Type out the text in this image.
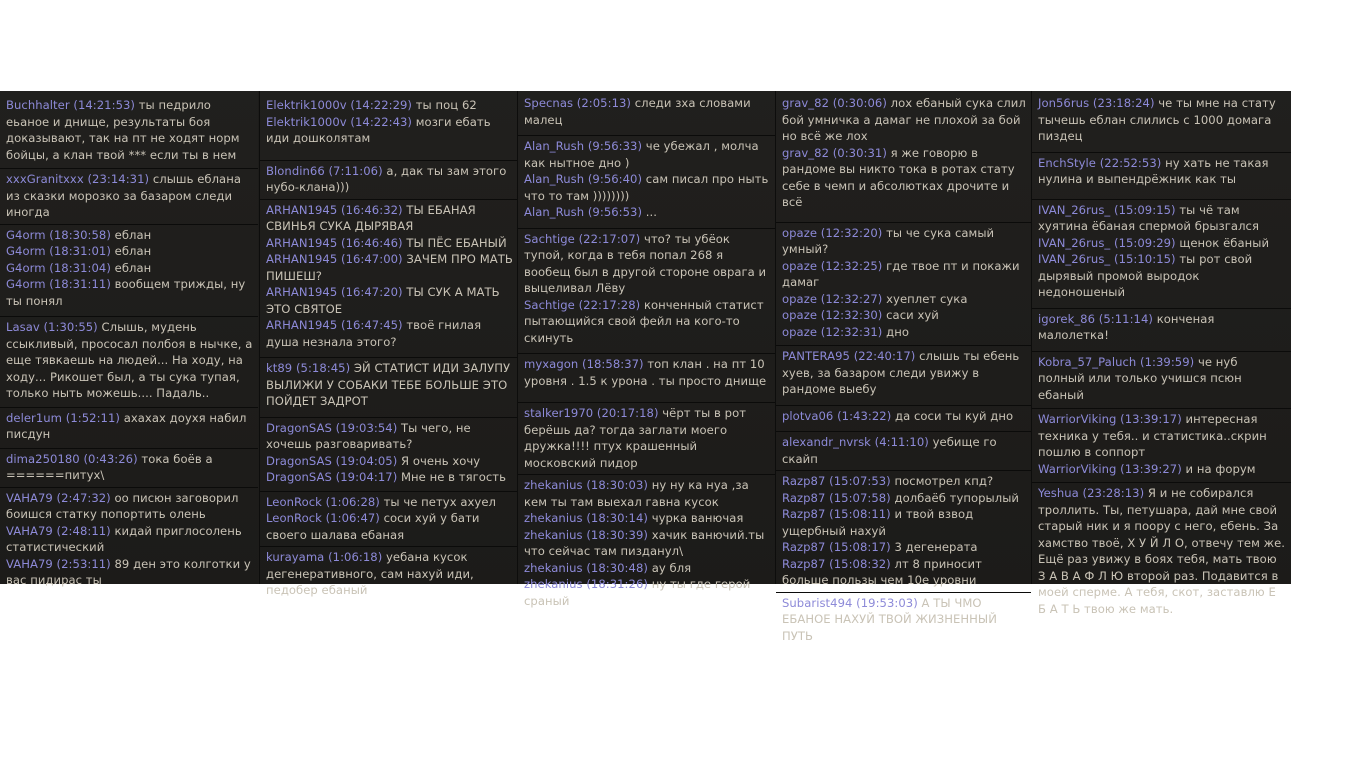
Buchhalter (14:21:53) ты педрило еьаное и днище, результаты боя доказывают, так на пт не ходят норм бойцы, а клан твой *** если ты в нем
xxxGranitxxx (23:14:31) слышь еблана из сказки морозко за базаром следи иногда
G4orm (18:30:58) еблан
G4orm (18:31:01) еблан
G4orm (18:31:04) еблан
G4orm (18:31:11) вообщем трижды, ну ты понял
Lasav (1:30:55) Слышь, мудень ссыкливый, прососал полбоя в нычке, а еще тявкаешь на людей... На ходу, на ходу... Рикошет был, а ты сука тупая, только ныть можешь.... Падаль..
deler1um (1:52:11) ахахах доухя набил писдун
dima250180 (0:43:26) тока боёв а ======питух\
VAHA79 (2:47:32) оо писюн заговорил боишся статку попортить олень
VAHA79 (2:48:11) кидай приглосолень статистический
VAHA79 (2:53:11) 89 ден это колготки у вас пидирас ты
Elektrik1000v (14:22:29) ты поц 62
Elektrik1000v (14:22:43) мозги ебать иди дошколятам
Blondin66 (7:11:06) а, дак ты зам этого нубо-клана)))
ARHAN1945 (16:46:32) ТЫ ЕБАНАЯ СВИНЬЯ СУКА ДЫРЯВАЯ
ARHAN1945 (16:46:46) ТЫ ПЁС ЕБАНЫЙ
ARHAN1945 (16:47:00) ЗАЧЕМ ПРО МАТЬ ПИШЕШ?
ARHAN1945 (16:47:20) ТЫ СУК А МАТЬ ЭТО СВЯТОЕ
ARHAN1945 (16:47:45) твоё гнилая душа незнала этого?
kt89 (5:18:45) ЭЙ СТАТИСТ ИДИ ЗАЛУПУ ВЫЛИЖИ У СОБАКИ ТЕБЕ БОЛЬШЕ ЭТО ПОЙДЕТ ЗАДРОТ
DragonSAS (19:03:54) Ты чего, не хочешь разговаривать?
DragonSAS (19:04:05) Я очень хочу
DragonSAS (19:04:17) Мне не в тягость
LeonRock (1:06:28) ты че петух ахуел
LeonRock (1:06:47) соси хуй у бати своего шалава ебаная
kurayama (1:06:18) уебана кусок дегенеративного, сам нахуй иди, педобер ебаный
Specnas (2:05:13) следи зха словами малец
Alan_Rush (9:56:33) че убежал , молча как нытное дно )
Alan_Rush (9:56:40) сам писал про ныть что то там ))))))))
Alan_Rush (9:56:53) ...
Sachtige (22:17:07) что? ты убёок тупой, когда в тебя попал 268 я вообещ был в другой стороне оврага и выцеливал Лёву
Sachtige (22:17:28) конченный статист пытающийся свой фейл на кого-то скинуть
myxagon (18:58:37) топ клан . на пт 10 уровня . 1.5 к урона . ты просто днище
stalker1970 (20:17:18) чёрт ты в рот берёшь да? тогда заглати моего дружка!!!! птух крашенный московский пидор
zhekanius (18:30:03) ну ну ка нуа ,за кем ты там выехал гавна кусок
zhekanius (18:30:14) чурка ванючая
zhekanius (18:30:39) хачик ванючий.ты что сейчас там пизданул\
zhekanius (18:30:48) ау бля
zhekanius (18:31:26) ну ты где герой сраный
grav_82 (0:30:06) лох ебаный сука слил бой умничка а дамаг не плохой за бой но всё же лох
grav_82 (0:30:31) я же говорю в рандоме вы никто тока в ротах стату себе в чемп и абсолютках дрочите и всё
opaze (12:32:20) ты че сука самый умный?
opaze (12:32:25) где твое пт и покажи дамаг
opaze (12:32:27) хуеплет сука
opaze (12:32:30) саси хуй
opaze (12:32:31) дно
PANTERA95 (22:40:17) слышь ты ебень хуев, за базаром следи увижу в рандоме выебу
plotva06 (1:43:22) да соси ты куй дно
alexandr_nvrsk (4:11:10) уебище го скайп
Razp87 (15:07:53) посмотрел кпд?
Razp87 (15:07:58) долбаёб тупорылый
Razp87 (15:08:11) и твой взвод ущербный нахуй
Razp87 (15:08:17) 3 дегенерата
Razp87 (15:08:32) лт 8 приносит больше пользы чем 10е уровни
Subarist494 (19:53:03) А ТЫ ЧМО ЕБАНОЕ НАХУЙ ТВОЙ ЖИЗНЕННЫЙ ПУТЬ
Jon56rus (23:18:24) че ты мне на стату тычешь еблан слились с 1000 домага пиздец
EnchStyle (22:52:53) ну хать не такая нулина и выпендрёжник как ты
IVAN_26rus_ (15:09:15) ты чё там хуятина ёбаная спермой брызгался
IVAN_26rus_ (15:09:29) щенок ёбаный
IVAN_26rus_ (15:10:15) ты рот свой дырявый промой выродок недоношеный
igorek_86 (5:11:14) конченая малолетка!
Kobra_57_Paluch (1:39:59) че нуб полный или только учишся псюн ебаный
WarriorViking (13:39:17) интересная техника у тебя.. и статистика..скрин пошлю в соппорт
WarriorViking (13:39:27) и на форум
Yeshua (23:28:13) Я и не собирался троллить. Ты, петушара, дай мне свой старый ник и я поору с него, ебень. За хамство твоё, Х У Й Л О, отвечу тем же. Ещё раз увижу в боях тебя, мать твою З А В А Ф Л Ю второй раз. Подавится в моей сперме. А тебя, скот, заставлю Е Б А Т Ь твою же мать.
